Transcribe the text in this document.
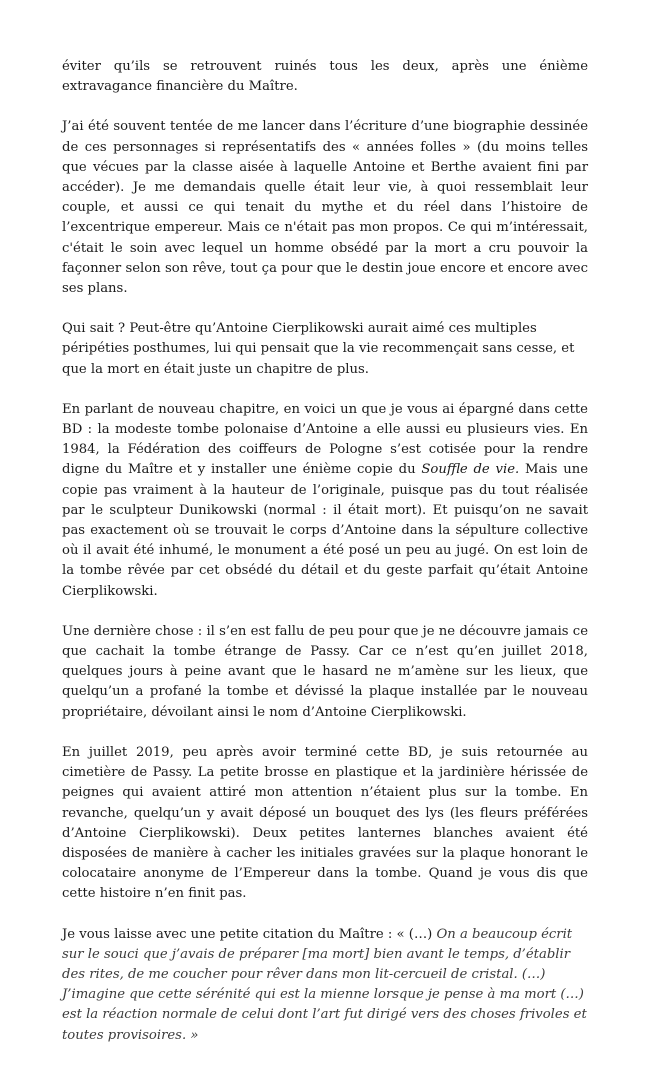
éviter qu’ils se retrouvent ruinés tous les deux, après une énième extravagance financière du Maître.

J’ai été souvent tentée de me lancer dans l’écriture d’une biographie dessinée de ces personnages si représentatifs des « années folles » (du moins telles que vécues par la classe aisée à laquelle Antoine et Berthe avaient fini par accéder). Je me demandais quelle était leur vie, à quoi ressemblait leur couple, et aussi ce qui tenait du mythe et du réel dans l’histoire de l’excentrique empereur. Mais ce n'était pas mon propos. Ce qui m’intéressait, c'était le soin avec lequel un homme obsédé par la mort a cru pouvoir la façonner selon son rêve, tout ça pour que le destin joue encore et encore avec ses plans.

Qui sait ? Peut-être qu’Antoine Cierplikowski aurait aimé ces multiples péripéties posthumes, lui qui pensait que la vie recommençait sans cesse, et que la mort en était juste un chapitre de plus.

En parlant de nouveau chapitre, en voici un que je vous ai épargné dans cette BD : la modeste tombe polonaise d’Antoine a elle aussi eu plusieurs vies. En 1984, la Fédération des coiffeurs de Pologne s’est cotisée pour la rendre digne du Maître et y installer une énième copie du Souffle de vie. Mais une copie pas vraiment à la hauteur de l’originale, puisque pas du tout réalisée par le sculpteur Dunikowski (normal : il était mort). Et puisqu’on ne savait pas exactement où se trouvait le corps d’Antoine dans la sépulture collective où il avait été inhumé, le monument a été posé un peu au jugé. On est loin de la tombe rêvée par cet obsédé du détail et du geste parfait qu’était Antoine Cierplikowski.

Une dernière chose : il s’en est fallu de peu pour que je ne découvre jamais ce que cachait la tombe étrange de Passy. Car ce n’est qu’en juillet 2018, quelques jours à peine avant que le hasard ne m’amène sur les lieux, que quelqu’un a profané la tombe et dévissé la plaque installée par le nouveau propriétaire, dévoilant ainsi le nom d’Antoine Cierplikowski.

En juillet 2019, peu après avoir terminé cette BD, je suis retournée au cimetière de Passy. La petite brosse en plastique et la jardinière hérissée de peignes qui avaient attiré mon attention n’étaient plus sur la tombe. En revanche, quelqu’un y avait déposé un bouquet des lys (les fleurs préférées d’Antoine Cierplikowski). Deux petites lanternes blanches avaient été disposées de manière à cacher les initiales gravées sur la plaque honorant le colocataire anonyme de l’Empereur dans la tombe. Quand je vous dis que cette histoire n’en finit pas.

Je vous laisse avec une petite citation du Maître : « (…) On a beaucoup écrit sur le souci que j’avais de préparer [ma mort] bien avant le temps, d’établir des rites, de me coucher pour rêver dans mon lit-cercueil de cristal. (…) J’imagine que cette sérénité qui est la mienne lorsque je pense à ma mort (…) est la réaction normale de celui dont l’art fut dirigé vers des choses frivoles et toutes provisoires. »
